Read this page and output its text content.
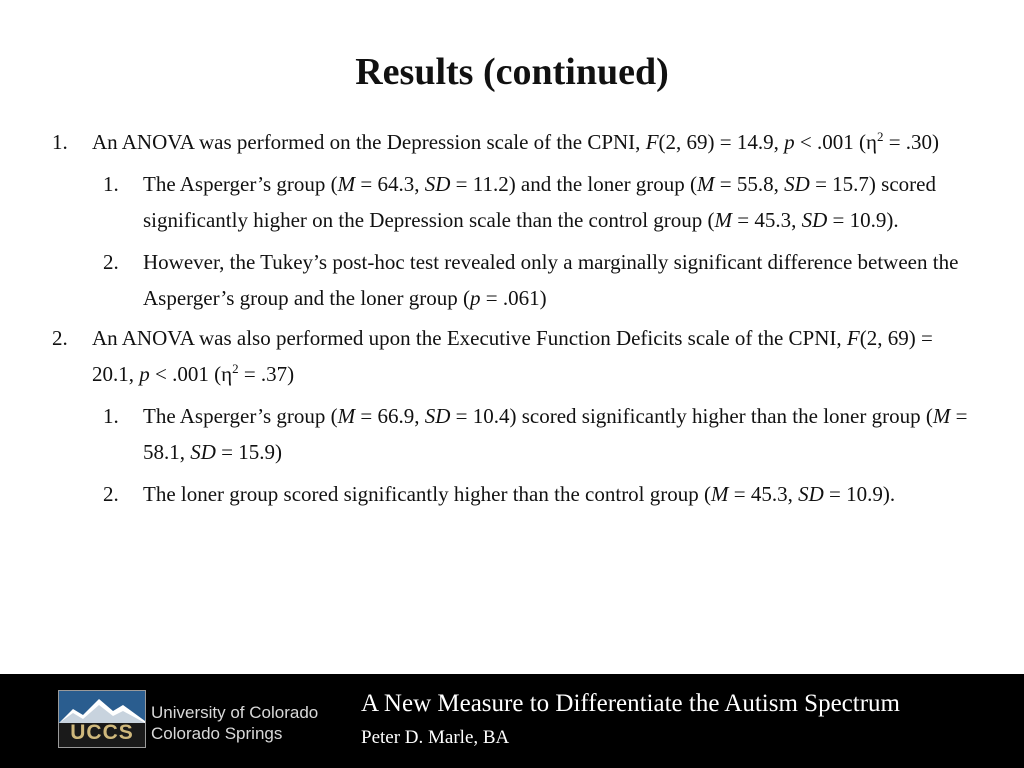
Results (continued)
1. An ANOVA was performed on the Depression scale of the CPNI, F(2, 69) = 14.9, p < .001 $(\eta^2 = .30)$
1. The Asperger’s group (M = 64.3, SD = 11.2) and the loner group (M = 55.8, SD = 15.7) scored significantly higher on the Depression scale than the control group (M = 45.3, SD = 10.9).
2. However, the Tukey’s post-hoc test revealed only a marginally significant difference between the Asperger’s group and the loner group (p = .061)
2. An ANOVA was also performed upon the Executive Function Deficits scale of the CPNI, F(2, 69) = 20.1, p < .001 $(\eta^2 = .37)$
1. The Asperger’s group (M = 66.9, SD = 10.4) scored significantly higher than the loner group (M = 58.1, SD = 15.9)
2. The loner group scored significantly higher than the control group (M = 45.3, SD = 10.9).
UCCS
University of Colorado
Colorado Springs
A New Measure to Differentiate the Autism Spectrum
Peter D. Marle, BA
